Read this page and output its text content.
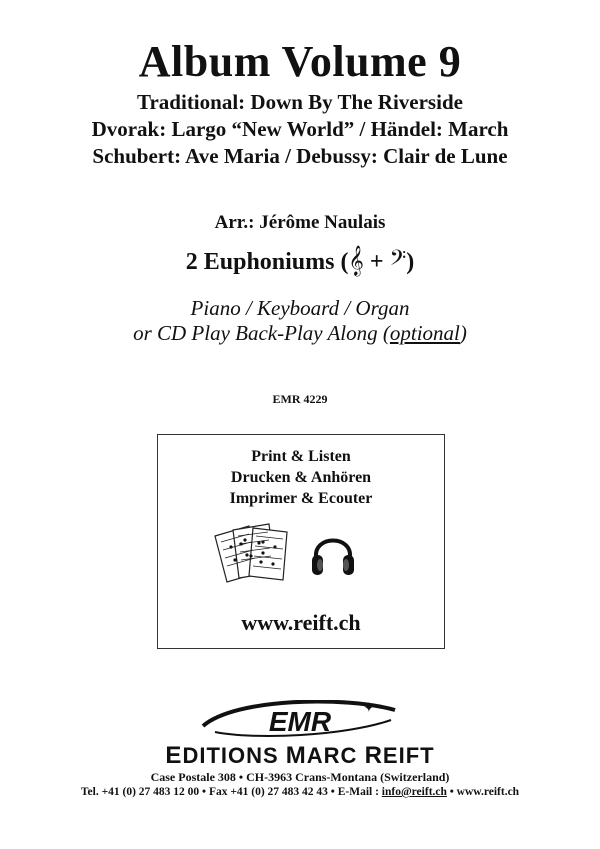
Album Volume 9
Traditional: Down By The Riverside
Dvorak: Largo “New World” / Händel: March
Schubert: Ave Maria / Debussy: Clair de Lune
Arr.: Jérôme Naulais
2 Euphoniums (𝄞 + 𝄢)
Piano / Keyboard / Organ
or CD Play Back-Play Along (optional)
EMR 4229
Print & Listen
Drucken & Anhören
Imprimer & Ecouter
www.reift.ch
EMR ✦
EDITIONS MARC REIFT
Case Postale 308 • CH-3963 Crans-Montana (Switzerland)
Tel. +41 (0) 27 483 12 00 • Fax +41 (0) 27 483 42 43 • E-Mail : info@reift.ch • www.reift.ch
